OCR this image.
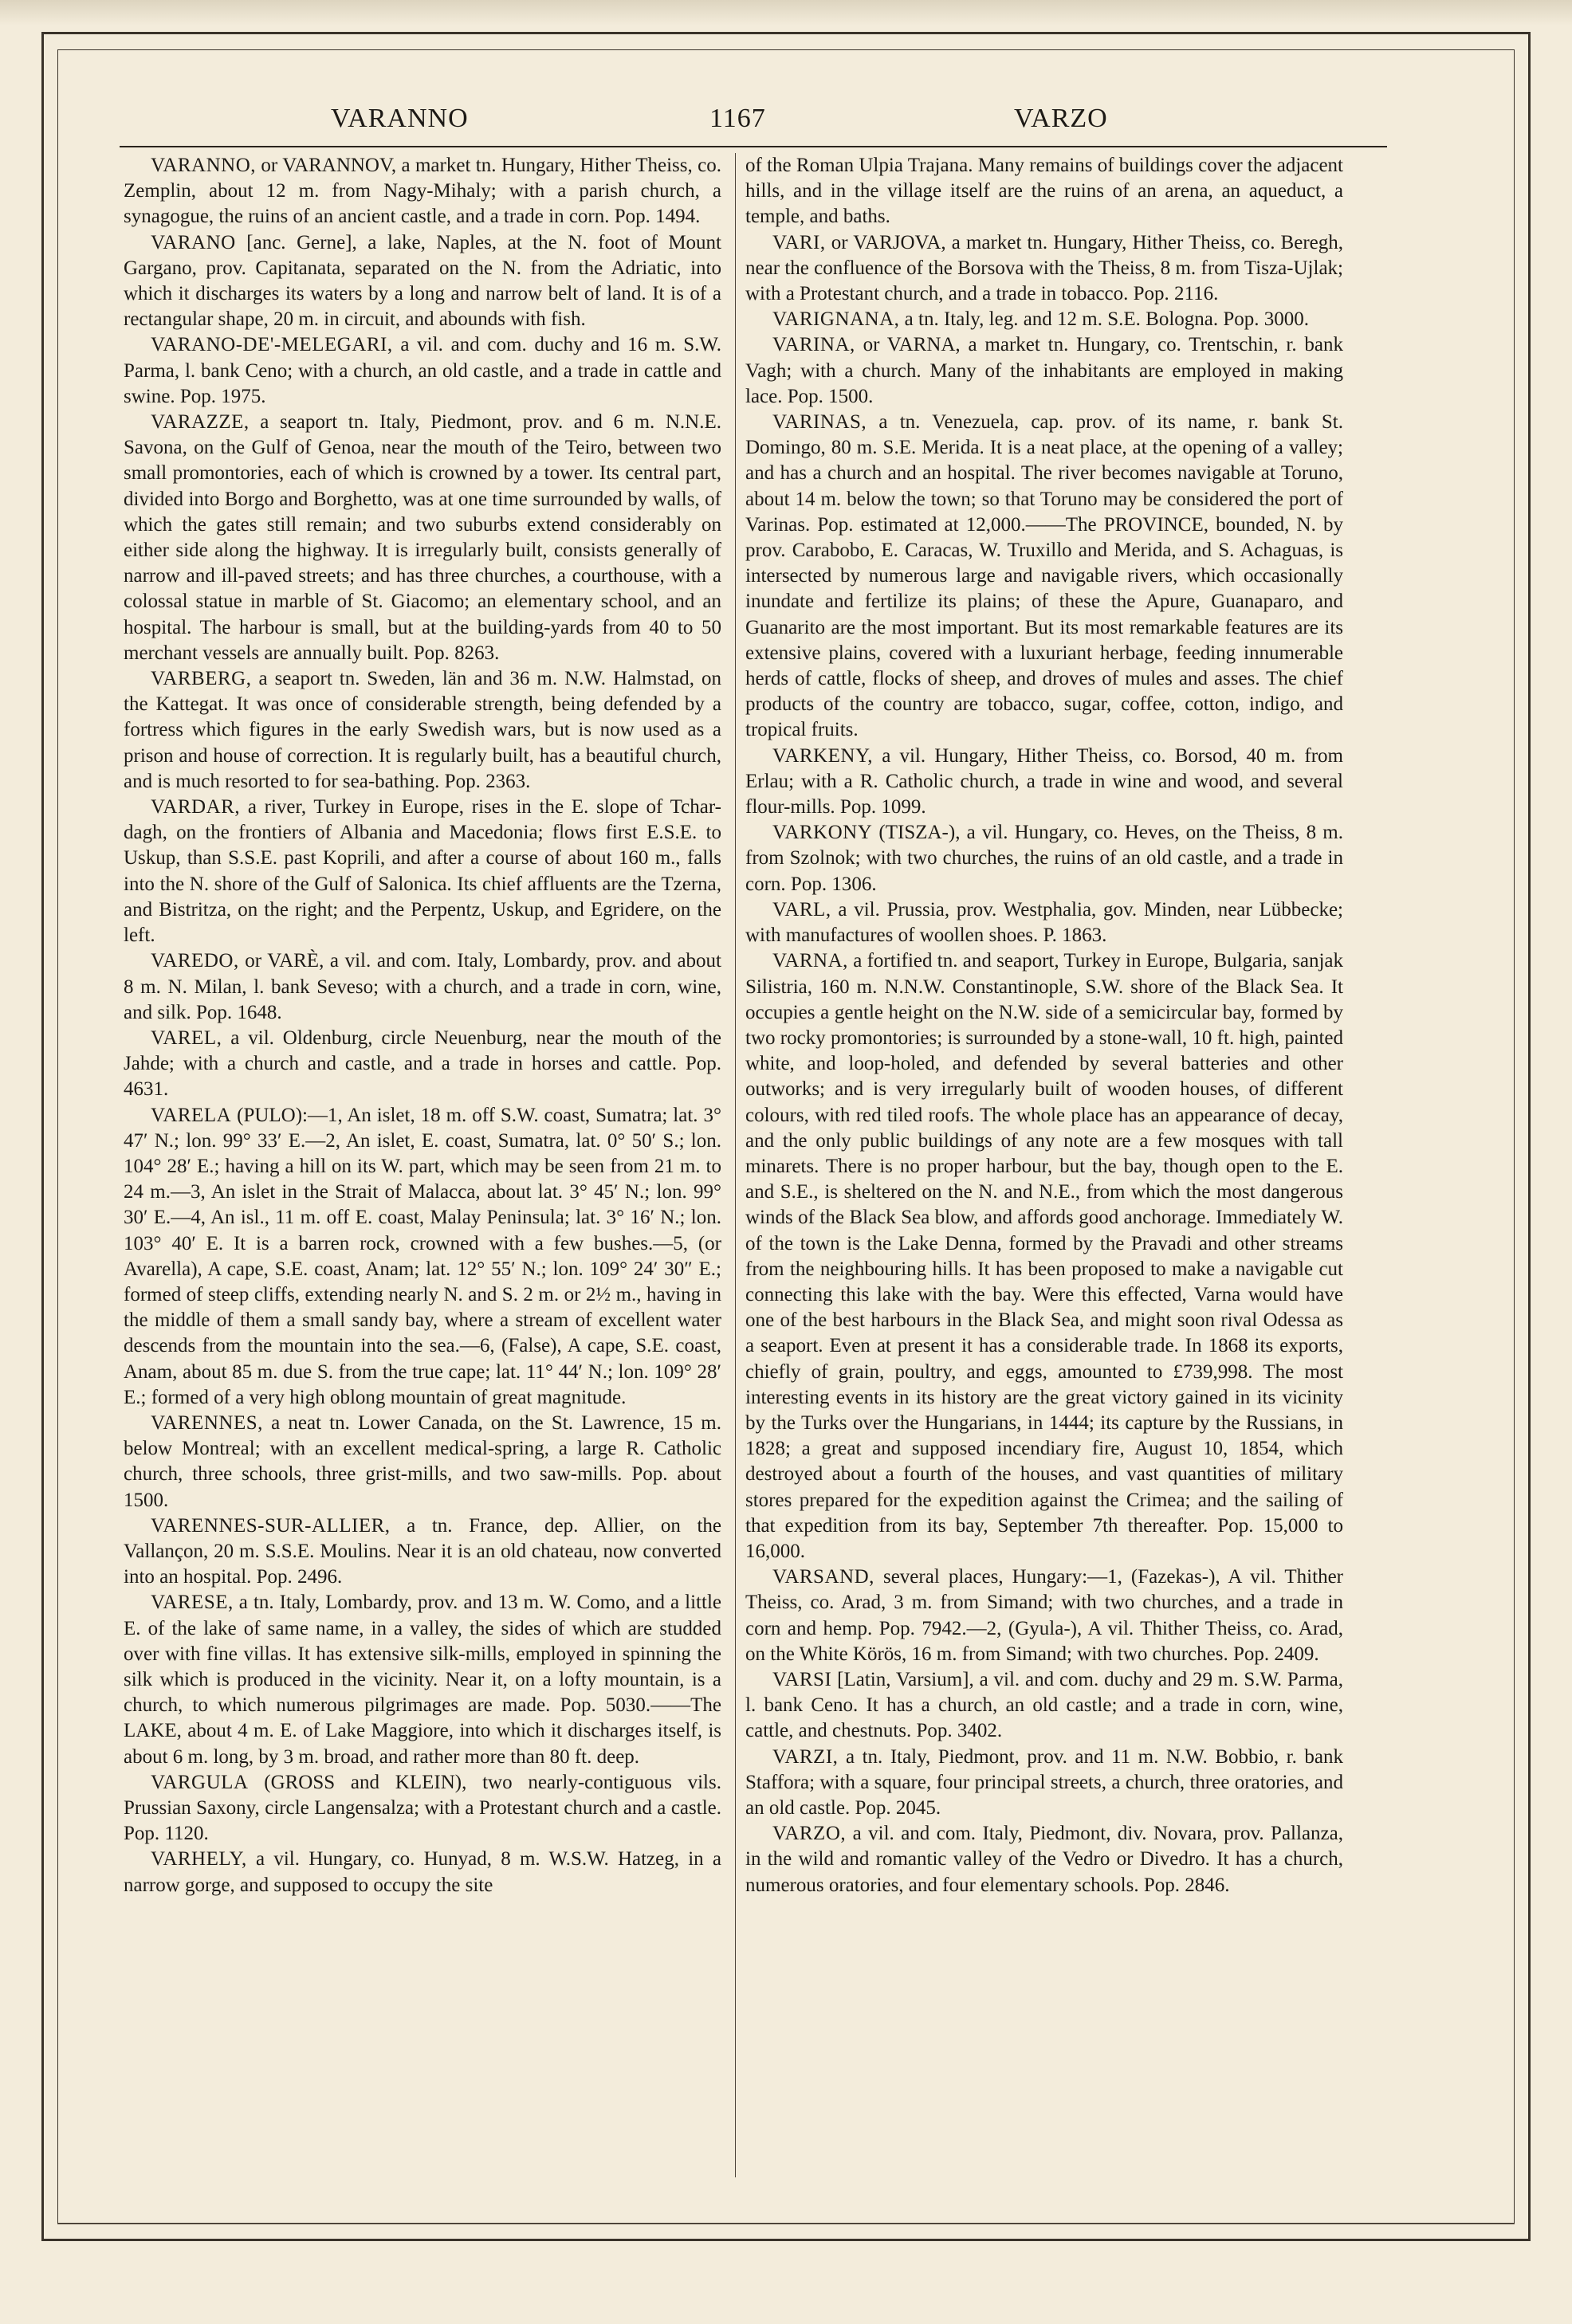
VARANNO	1167	VARZO

VARANNO, or VARANNOV, a market tn. Hungary, Hither Theiss, co. Zemplin, about 12 m. from Nagy-Mihaly; with a parish church, a synagogue, the ruins of an ancient castle, and a trade in corn. Pop. 1494.

VARANO [anc. Gerne], a lake, Naples, at the N. foot of Mount Gargano, prov. Capitanata, separated on the N. from the Adriatic, into which it discharges its waters by a long and narrow belt of land. It is of a rectangular shape, 20 m. in circuit, and abounds with fish.

VARANO-DE'-MELEGARI, a vil. and com. duchy and 16 m. S.W. Parma, l. bank Ceno; with a church, an old castle, and a trade in cattle and swine. Pop. 1975.

VARAZZE, a seaport tn. Italy, Piedmont, prov. and 6 m. N.N.E. Savona, on the Gulf of Genoa, near the mouth of the Teiro, between two small promontories, each of which is crowned by a tower. Its central part, divided into Borgo and Borghetto, was at one time surrounded by walls, of which the gates still remain; and two suburbs extend considerably on either side along the highway. It is irregularly built, consists generally of narrow and ill-paved streets; and has three churches, a courthouse, with a colossal statue in marble of St. Giacomo; an elementary school, and an hospital. The harbour is small, but at the building-yards from 40 to 50 merchant vessels are annually built. Pop. 8263.

VARBERG, a seaport tn. Sweden, län and 36 m. N.W. Halmstad, on the Kattegat. It was once of considerable strength, being defended by a fortress which figures in the early Swedish wars, but is now used as a prison and house of correction. It is regularly built, has a beautiful church, and is much resorted to for sea-bathing. Pop. 2363.

VARDAR, a river, Turkey in Europe, rises in the E. slope of Tchar-dagh, on the frontiers of Albania and Macedonia; flows first E.S.E. to Uskup, than S.S.E. past Koprili, and after a course of about 160 m., falls into the N. shore of the Gulf of Salonica. Its chief affluents are the Tzerna, and Bistritza, on the right; and the Perpentz, Uskup, and Egridere, on the left.

VAREDO, or VARÈ, a vil. and com. Italy, Lombardy, prov. and about 8 m. N. Milan, l. bank Seveso; with a church, and a trade in corn, wine, and silk. Pop. 1648.

VAREL, a vil. Oldenburg, circle Neuenburg, near the mouth of the Jahde; with a church and castle, and a trade in horses and cattle. Pop. 4631.

VARELA (PULO):—1, An islet, 18 m. off S.W. coast, Sumatra; lat. 3° 47′ N.; lon. 99° 33′ E.—2, An islet, E. coast, Sumatra, lat. 0° 50′ S.; lon. 104° 28′ E.; having a hill on its W. part, which may be seen from 21 m. to 24 m.—3, An islet in the Strait of Malacca, about lat. 3° 45′ N.; lon. 99° 30′ E.—4, An isl., 11 m. off E. coast, Malay Peninsula; lat. 3° 16′ N.; lon. 103° 40′ E. It is a barren rock, crowned with a few bushes.—5, (or Avarella), A cape, S.E. coast, Anam; lat. 12° 55′ N.; lon. 109° 24′ 30″ E.; formed of steep cliffs, extending nearly N. and S. 2 m. or 2½ m., having in the middle of them a small sandy bay, where a stream of excellent water descends from the mountain into the sea.—6, (False), A cape, S.E. coast, Anam, about 85 m. due S. from the true cape; lat. 11° 44′ N.; lon. 109° 28′ E.; formed of a very high oblong mountain of great magnitude.

VARENNES, a neat tn. Lower Canada, on the St. Lawrence, 15 m. below Montreal; with an excellent medical-spring, a large R. Catholic church, three schools, three grist-mills, and two saw-mills. Pop. about 1500.

VARENNES-SUR-ALLIER, a tn. France, dep. Allier, on the Vallançon, 20 m. S.S.E. Moulins. Near it is an old chateau, now converted into an hospital. Pop. 2496.

VARESE, a tn. Italy, Lombardy, prov. and 13 m. W. Como, and a little E. of the lake of same name, in a valley, the sides of which are studded over with fine villas. It has extensive silk-mills, employed in spinning the silk which is produced in the vicinity. Near it, on a lofty mountain, is a church, to which numerous pilgrimages are made. Pop. 5030.——The LAKE, about 4 m. E. of Lake Maggiore, into which it discharges itself, is about 6 m. long, by 3 m. broad, and rather more than 80 ft. deep.

VARGULA (GROSS and KLEIN), two nearly-contiguous vils. Prussian Saxony, circle Langensalza; with a Protestant church and a castle. Pop. 1120.

VARHELY, a vil. Hungary, co. Hunyad, 8 m. W.S.W. Hatzeg, in a narrow gorge, and supposed to occupy the site

of the Roman Ulpia Trajana. Many remains of buildings cover the adjacent hills, and in the village itself are the ruins of an arena, an aqueduct, a temple, and baths.

VARI, or VARJOVA, a market tn. Hungary, Hither Theiss, co. Beregh, near the confluence of the Borsova with the Theiss, 8 m. from Tisza-Ujlak; with a Protestant church, and a trade in tobacco. Pop. 2116.

VARIGNANA, a tn. Italy, leg. and 12 m. S.E. Bologna. Pop. 3000.

VARINA, or VARNA, a market tn. Hungary, co. Trentschin, r. bank Vagh; with a church. Many of the inhabitants are employed in making lace. Pop. 1500.

VARINAS, a tn. Venezuela, cap. prov. of its name, r. bank St. Domingo, 80 m. S.E. Merida. It is a neat place, at the opening of a valley; and has a church and an hospital. The river becomes navigable at Toruno, about 14 m. below the town; so that Toruno may be considered the port of Varinas. Pop. estimated at 12,000.——The PROVINCE, bounded, N. by prov. Carabobo, E. Caracas, W. Truxillo and Merida, and S. Achaguas, is intersected by numerous large and navigable rivers, which occasionally inundate and fertilize its plains; of these the Apure, Guanaparo, and Guanarito are the most important. But its most remarkable features are its extensive plains, covered with a luxuriant herbage, feeding innumerable herds of cattle, flocks of sheep, and droves of mules and asses. The chief products of the country are tobacco, sugar, coffee, cotton, indigo, and tropical fruits.

VARKENY, a vil. Hungary, Hither Theiss, co. Borsod, 40 m. from Erlau; with a R. Catholic church, a trade in wine and wood, and several flour-mills. Pop. 1099.

VARKONY (TISZA-), a vil. Hungary, co. Heves, on the Theiss, 8 m. from Szolnok; with two churches, the ruins of an old castle, and a trade in corn. Pop. 1306.

VARL, a vil. Prussia, prov. Westphalia, gov. Minden, near Lübbecke; with manufactures of woollen shoes. P. 1863.

VARNA, a fortified tn. and seaport, Turkey in Europe, Bulgaria, sanjak Silistria, 160 m. N.N.W. Constantinople, S.W. shore of the Black Sea. It occupies a gentle height on the N.W. side of a semicircular bay, formed by two rocky promontories; is surrounded by a stone-wall, 10 ft. high, painted white, and loop-holed, and defended by several batteries and other outworks; and is very irregularly built of wooden houses, of different colours, with red tiled roofs. The whole place has an appearance of decay, and the only public buildings of any note are a few mosques with tall minarets. There is no proper harbour, but the bay, though open to the E. and S.E., is sheltered on the N. and N.E., from which the most dangerous winds of the Black Sea blow, and affords good anchorage. Immediately W. of the town is the Lake Denna, formed by the Pravadi and other streams from the neighbouring hills. It has been proposed to make a navigable cut connecting this lake with the bay. Were this effected, Varna would have one of the best harbours in the Black Sea, and might soon rival Odessa as a seaport. Even at present it has a considerable trade. In 1868 its exports, chiefly of grain, poultry, and eggs, amounted to £739,998. The most interesting events in its history are the great victory gained in its vicinity by the Turks over the Hungarians, in 1444; its capture by the Russians, in 1828; a great and supposed incendiary fire, August 10, 1854, which destroyed about a fourth of the houses, and vast quantities of military stores prepared for the expedition against the Crimea; and the sailing of that expedition from its bay, September 7th thereafter. Pop. 15,000 to 16,000.

VARSAND, several places, Hungary:—1, (Fazekas-), A vil. Thither Theiss, co. Arad, 3 m. from Simand; with two churches, and a trade in corn and hemp. Pop. 7942.—2, (Gyula-), A vil. Thither Theiss, co. Arad, on the White Körös, 16 m. from Simand; with two churches. Pop. 2409.

VARSI [Latin, Varsium], a vil. and com. duchy and 29 m. S.W. Parma, l. bank Ceno. It has a church, an old castle; and a trade in corn, wine, cattle, and chestnuts. Pop. 3402.

VARZI, a tn. Italy, Piedmont, prov. and 11 m. N.W. Bobbio, r. bank Staffora; with a square, four principal streets, a church, three oratories, and an old castle. Pop. 2045.

VARZO, a vil. and com. Italy, Piedmont, div. Novara, prov. Pallanza, in the wild and romantic valley of the Vedro or Divedro. It has a church, numerous oratories, and four elementary schools. Pop. 2846.
